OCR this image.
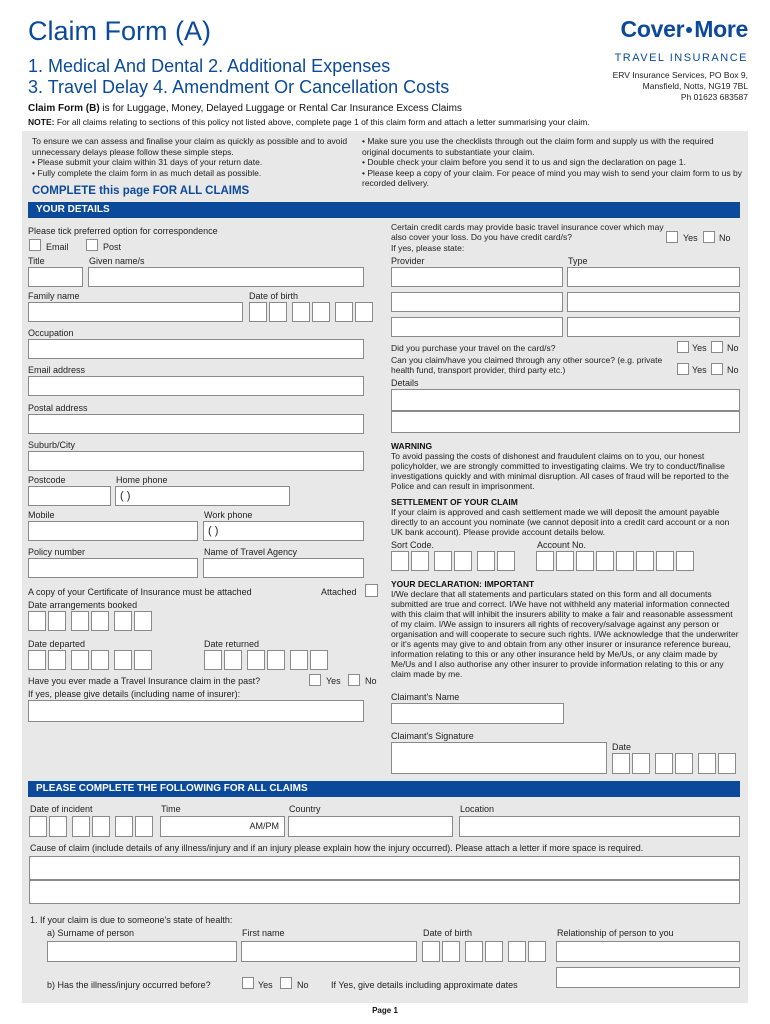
Claim Form (A)
1. Medical And Dental 2. Additional Expenses
3. Travel Delay 4. Amendment Or Cancellation Costs
Cover More
TRAVEL INSURANCE
ERV Insurance Services, PO Box 9,
Mansfield, Notts, NG19 7BL
Ph 01623 683587
Claim Form (B) is for Luggage, Money, Delayed Luggage or Rental Car Insurance Excess Claims
NOTE: For all claims relating to sections of this policy not listed above, complete page 1 of this claim form and attach a letter summarising your claim.
To ensure we can assess and finalise your claim as quickly as possible and to avoid unnecessary delays please follow these simple steps.
• Please submit your claim within 31 days of your return date.
• Fully complete the claim form in as much detail as possible.
• Make sure you use the checklists through out the claim form and supply us with the required original documents to substantiate your claim.
• Double check your claim before you send it to us and sign the declaration on page 1.
• Please keep a copy of your claim. For peace of mind you may wish to send your claim form to us by recorded delivery.
COMPLETE this page FOR ALL CLAIMS
YOUR DETAILS
Please tick preferred option for correspondence
Email	Post
Title	Given name/s
Family name	Date of birth
Occupation
Email address
Postal address
Suburb/City
Postcode	Home phone
( )
Mobile	Work phone
( )
Policy number	Name of Travel Agency
A copy of your Certificate of Insurance must be attached	Attached
Date arrangements booked
Date departed	Date returned
Have you ever made a Travel Insurance claim in the past?	Yes	No
If yes, please give details (including name of insurer):
Certain credit cards may provide basic travel insurance cover which may also cover your loss. Do you have credit card/s?	Yes No
If yes, please state:
Provider	Type
Did you purchase your travel on the card/s?	Yes No
Can you claim/have you claimed through any other source? (e.g. private health fund, transport provider, third party etc.)	Yes No
Details
WARNING
To avoid passing the costs of dishonest and fraudulent claims on to you, our honest policyholder, we are strongly committed to investigating claims. We try to conduct/finalise investigations quickly and with minimal disruption. All cases of fraud will be reported to the Police and can result in imprisonment.
SETTLEMENT OF YOUR CLAIM
If your claim is approved and cash settlement made we will deposit the amount payable directly to an account you nominate (we cannot deposit into a credit card account or a non UK bank account). Please provide account details below.
Sort Code.	Account No.
YOUR DECLARATION: IMPORTANT
I/We declare that all statements and particulars stated on this form and all documents submitted are true and correct. I/We have not withheld any material information connected with this claim that will inhibit the insurers ability to make a fair and reasonable assessment of my claim. I/We assign to insurers all rights of recovery/salvage against any person or organisation and will cooperate to secure such rights. I/We acknowledge that the underwriter or it's agents may give to and obtain from any other insurer or insurance reference bureau, information relating to this or any other insurance held by Me/Us, or any claim made by Me/Us and I also authorise any other insurer to provide information relating to this or any claim made by me.
Claimant's Name
Claimant's Signature
Date
PLEASE COMPLETE THE FOLLOWING FOR ALL CLAIMS
Date of incident	Time	Country	Location
AM/PM
Cause of claim (include details of any illness/injury and if an injury please explain how the injury occurred). Please attach a letter if more space is required.
1. If your claim is due to someone's state of health:
a) Surname of person	First name	Date of birth	Relationship of person to you
b) Has the illness/injury occurred before?	Yes	No If Yes, give details including approximate dates
Page 1
